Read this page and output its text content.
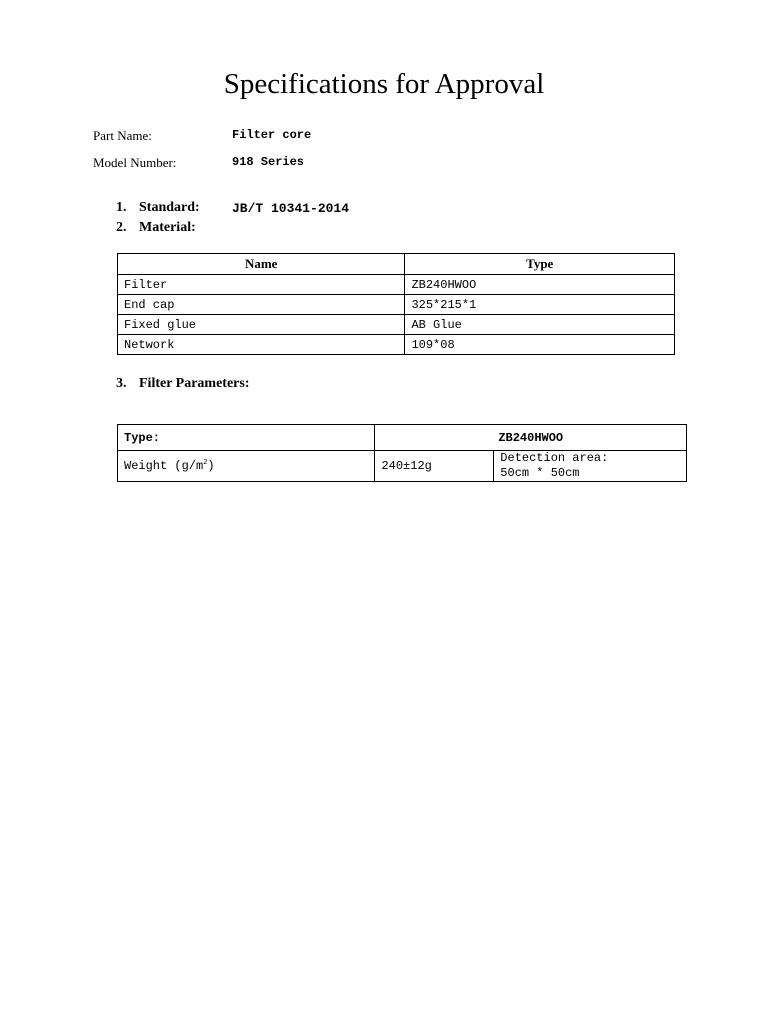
Specifications for Approval
Part Name:	Filter core
Model Number:	918 Series
1. Standard: JB/T 10341-2014
2. Material:
Name	Type
Filter	ZB240HWOO
End cap	325*215*1
Fixed glue	AB Glue
Network	109*08
3. Filter Parameters:
Type:	ZB240HWOO	
Weight $(g/m^2)$	240±12g	Detection area:
50cm * 50cm
